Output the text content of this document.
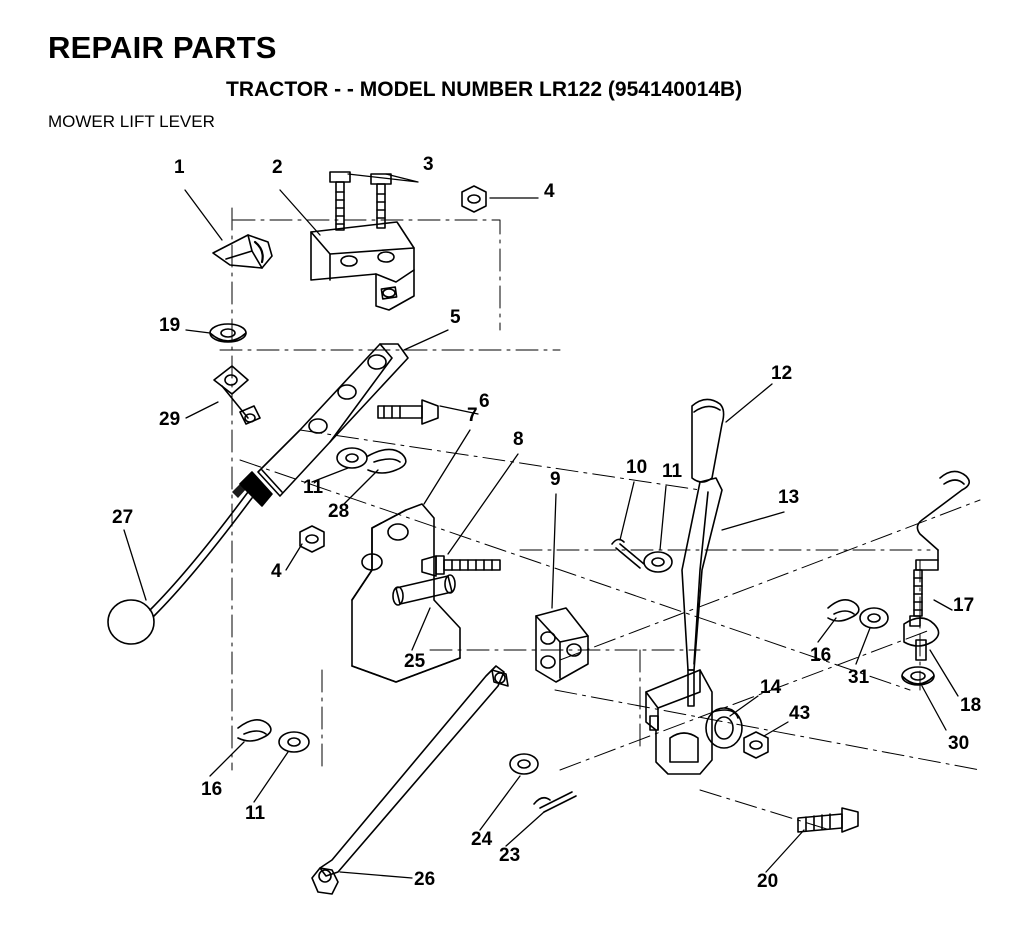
REPAIR PARTS
TRACTOR - - MODEL NUMBER LR122 (954140014B)
MOWER LIFT LEVER
1	2	3
4
19	5
6
12
29
11
28
7
8
9
10 11
13
27
4
17
25	16
31
18
30
14
43
16
11
24
23
26	20
